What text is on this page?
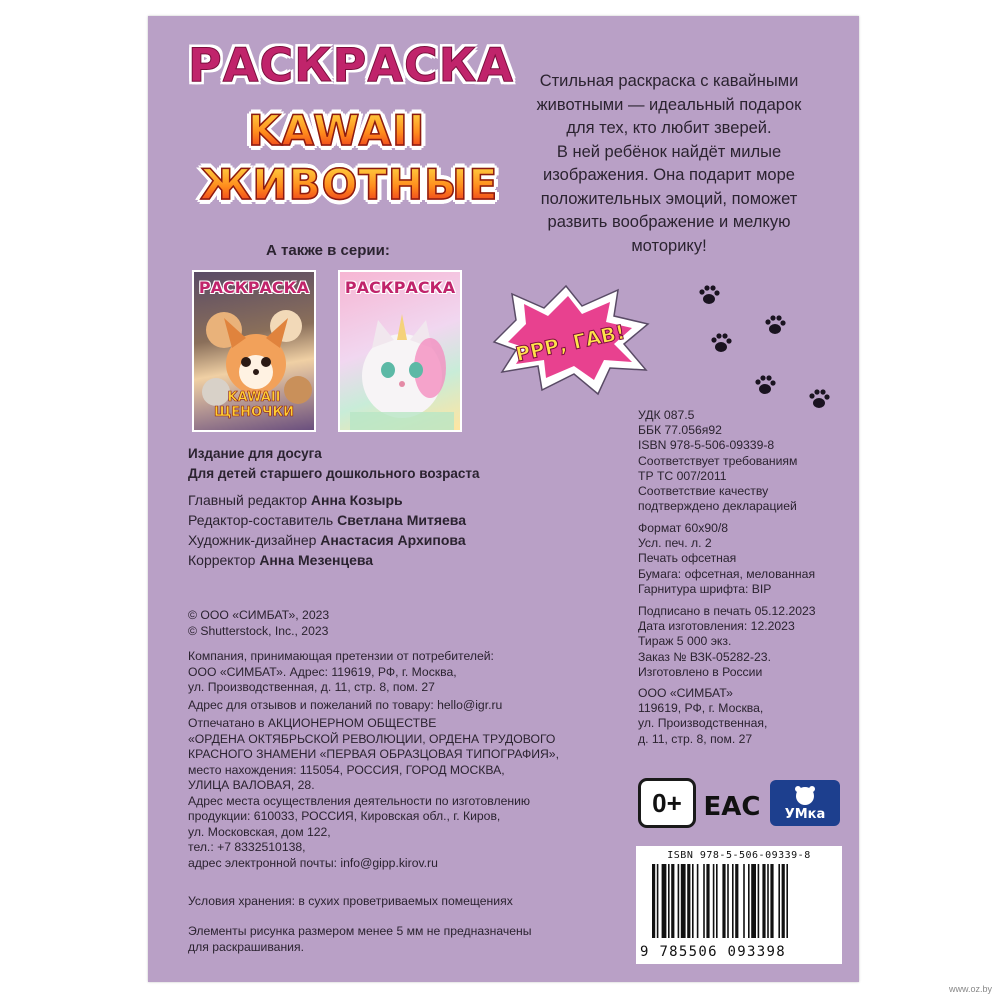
РАСКРАСКА
KAWAII
ЖИВОТНЫЕ
Стильная раскраска с кавайными
животными — идеальный подарок
для тех, кто любит зверей.
В ней ребёнок найдёт милые
изображения. Она подарит море
положительных эмоций, поможет
развить воображение и мелкую
моторику!
А также в серии:
РАСКРАСКА
KAWAII ЩЕНОЧКИ
РАСКРАСКА
Издание для досуга
Для детей старшего дошкольного возраста
Главный редактор Анна Козырь
Редактор-составитель Светлана Митяева
Художник-дизайнер Анастасия Архипова
Корректор Анна Мезенцева
© ООО «СИМБАТ», 2023
© Shutterstock, Inc., 2023
Компания, принимающая претензии от потребителей:
ООО «СИМБАТ». Адрес: 119619, РФ, г. Москва,
ул. Производственная, д. 11, стр. 8, пом. 27
Адрес для отзывов и пожеланий по товару: hello@igr.ru
Отпечатано в АКЦИОНЕРНОМ ОБЩЕСТВЕ
«ОРДЕНА ОКТЯБРЬСКОЙ РЕВОЛЮЦИИ, ОРДЕНА ТРУДОВОГО
КРАСНОГО ЗНАМЕНИ «ПЕРВАЯ ОБРАЗЦОВАЯ ТИПОГРАФИЯ»,
место нахождения: 115054, РОССИЯ, ГОРОД МОСКВА,
УЛИЦА ВАЛОВАЯ, 28.
Адрес места осуществления деятельности по изготовлению
продукции: 610033, РОССИЯ, Кировская обл., г. Киров,
ул. Московская, дом 122,
тел.: +7 8332510138,
адрес электронной почты: info@gipp.kirov.ru
Условия хранения: в сухих проветриваемых помещениях
Элементы рисунка размером менее 5 мм не предназначены
для раскрашивания.
РРР, ГАВ!
УДК 087.5
ББК 77.056я92
ISBN 978-5-506-09339-8
Соответствует требованиям
ТР ТС 007/2011
Соответствие качеству
подтверждено декларацией
Формат 60х90/8
Усл. печ. л. 2
Печать офсетная
Бумага: офсетная, мелованная
Гарнитура шрифта: BIP
Подписано в печать 05.12.2023
Дата изготовления: 12.2023
Тираж 5 000 экз.
Заказ № ВЗК-05282-23.
Изготовлено в России
ООО «СИМБАТ»
119619, РФ, г. Москва,
ул. Производственная,
д. 11, стр. 8, пом. 27
0+ EAC	УМка
ISBN 978-5-506-09339-8
9 785506 093398
www.oz.by
